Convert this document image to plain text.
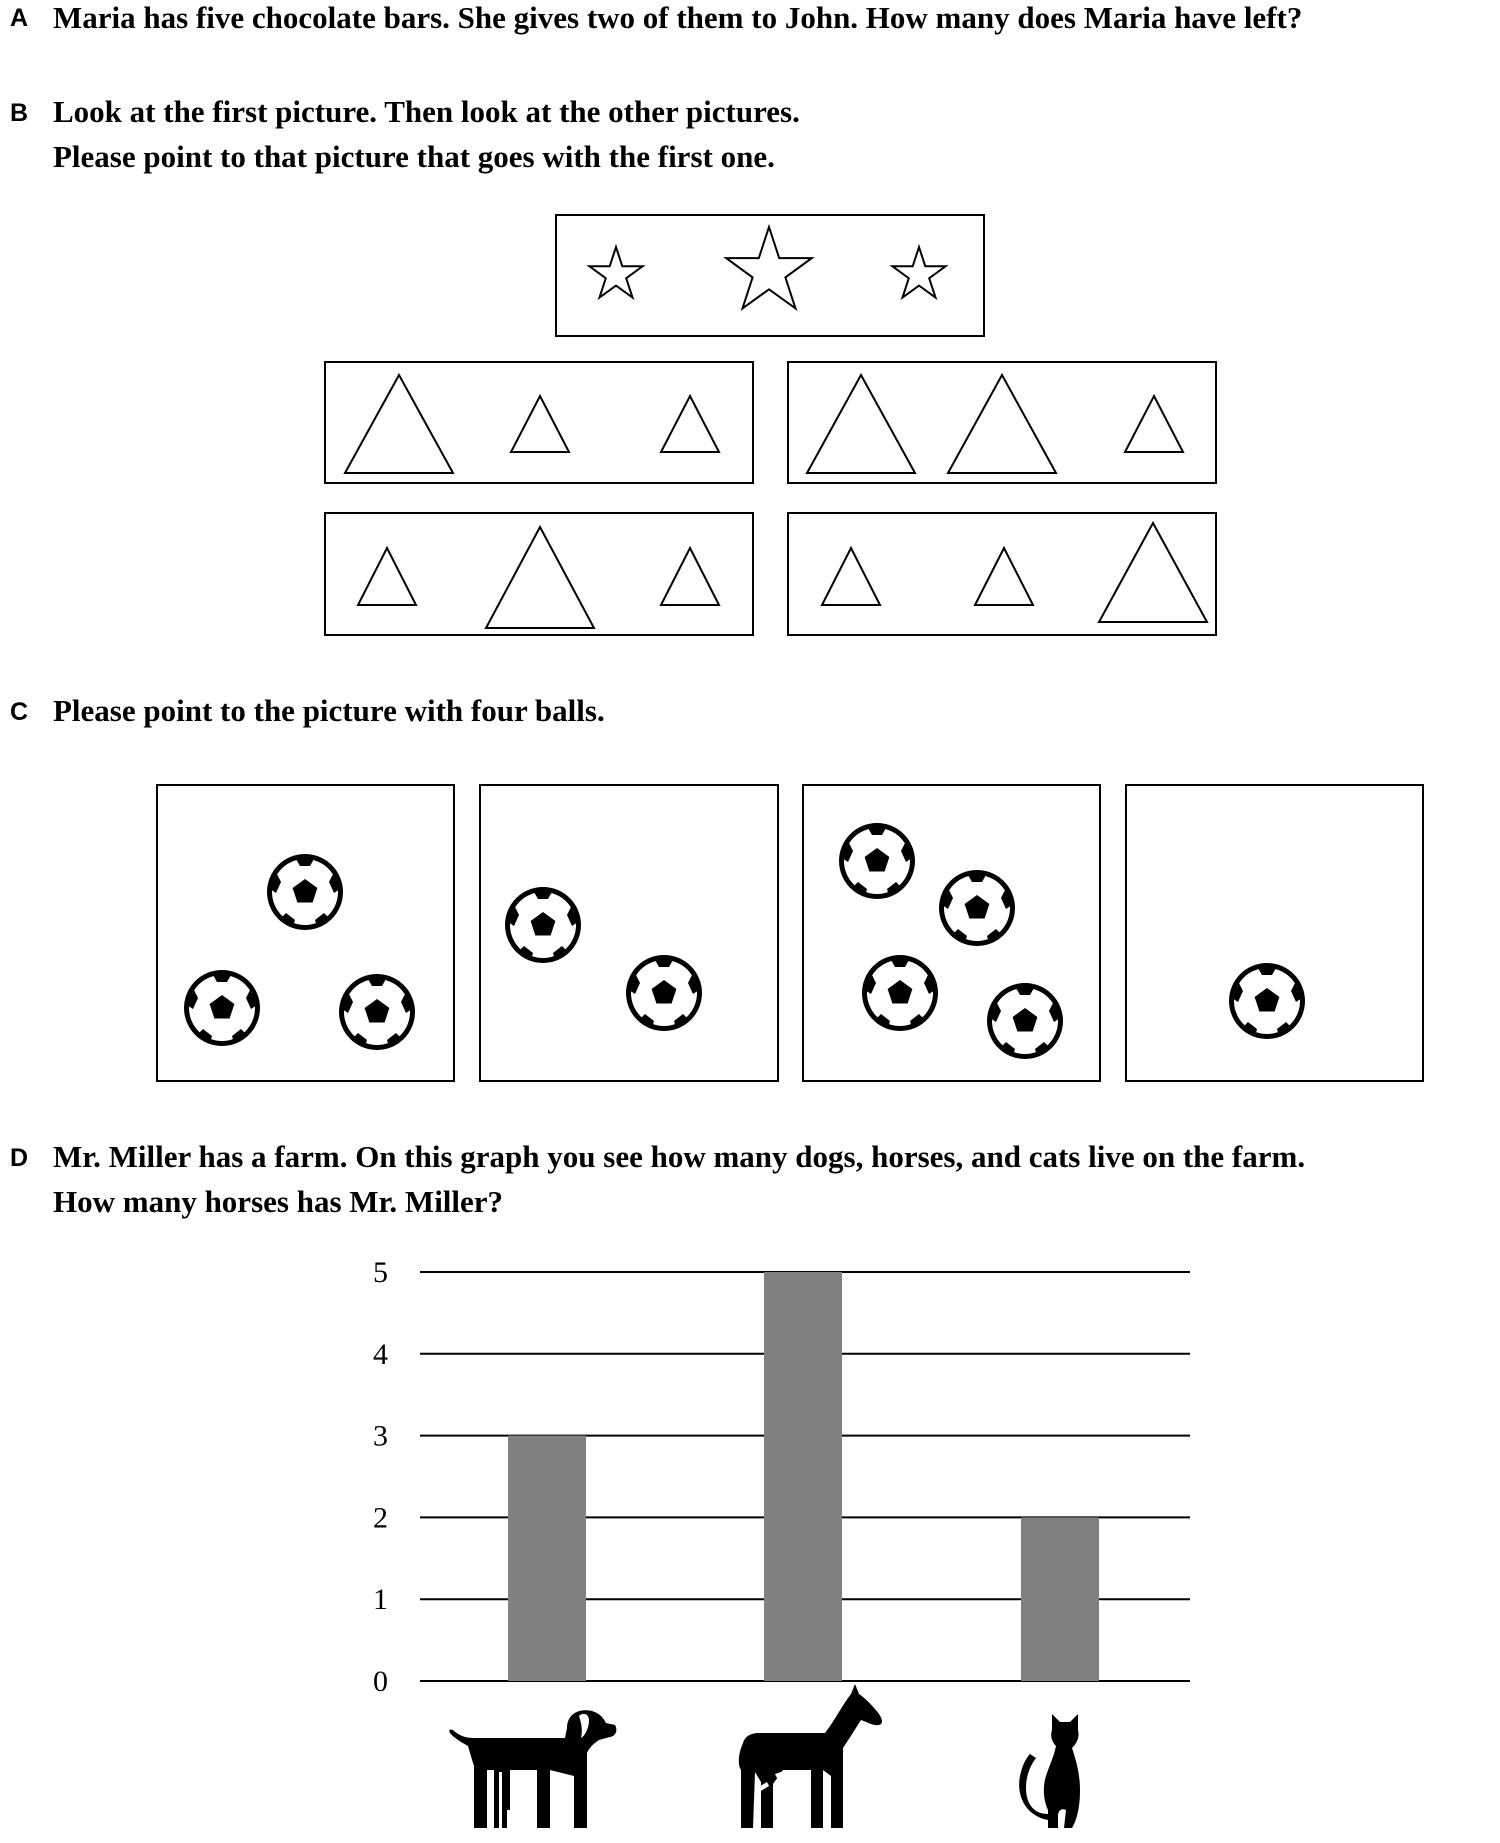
A Maria has five chocolate bars. She gives two of them to John. How many does Maria have left?
B Look at the first picture. Then look at the other pictures.
Please point to that picture that goes with the first one.
C Please point to the picture with four balls.
D Mr. Miller has a farm. On this graph you see how many dogs, horses, and cats live on the farm.
How many horses has Mr. Miller?
0
1
2
3
4
5
